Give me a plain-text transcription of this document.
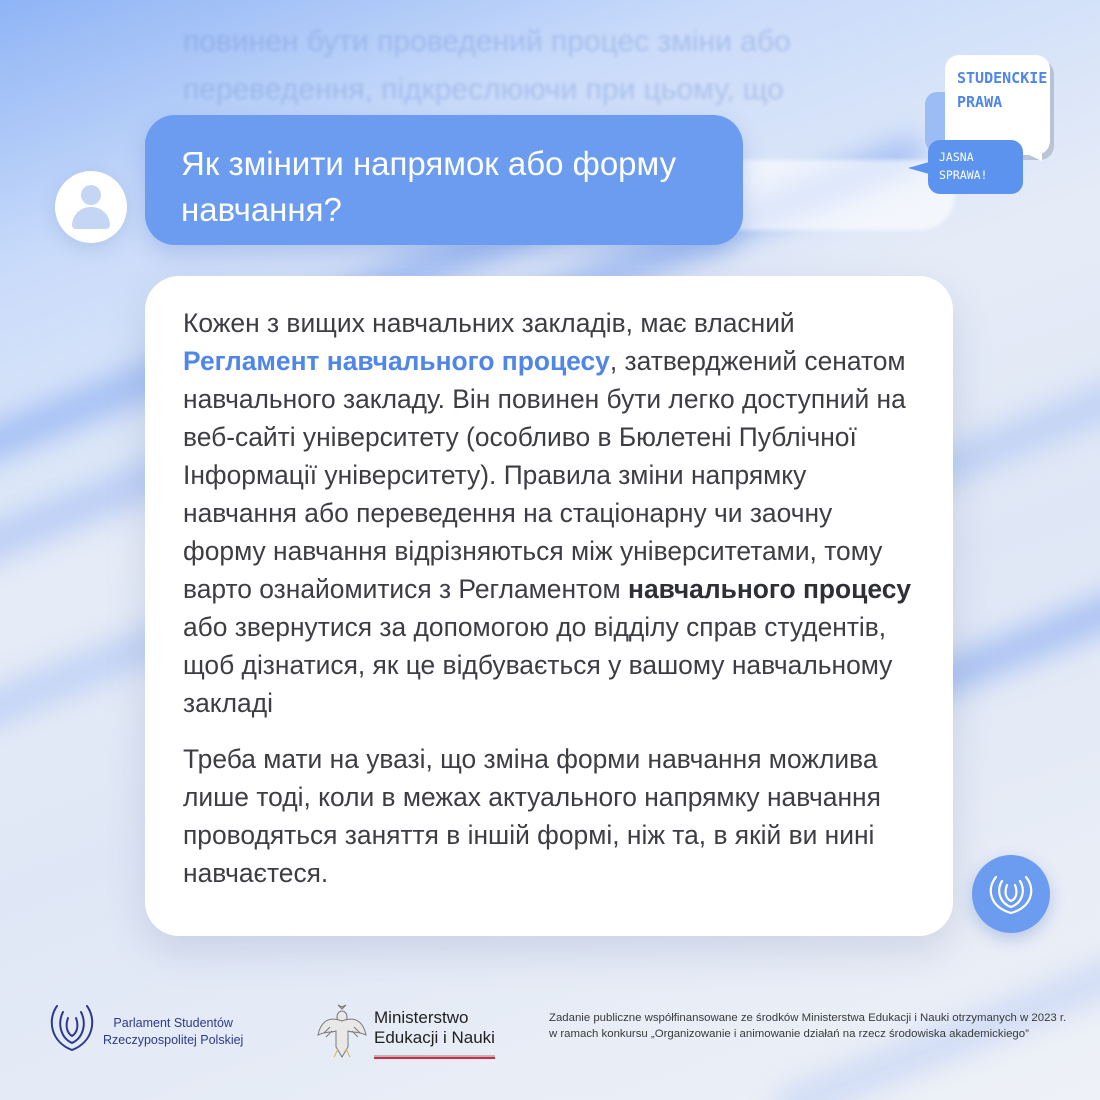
повинен бути проведений процес зміни або
переведення, підкреслюючи при цьому, що
Як змінити напрямок або форму навчання?
STUDENCKIE
PRAWA
JASNA
SPRAWA!

Кожен з вищих навчальних закладів, має власний Регламент навчального процесу, затверджений сенатом навчального закладу. Він повинен бути легко доступний на веб-сайті університету (особливо в Бюлетені Публічної Інформації університету). Правила зміни напрямку навчання або переведення на стаціонарну чи заочну форму навчання відрізняються між університетами, тому варто ознайомитися з Регламентом навчального процесу або звернутися за допомогою до відділу справ студентів, щоб дізнатися, як це відбувається у вашому навчальному закладі

Треба мати на увазі, що зміна форми навчання можлива лише тоді, коли в межах актуального напрямку навчання проводяться заняття в іншій формі, ніж та, в якій ви нині навчаєтеся.

Parlament Studentów
Rzeczypospolitej Polskiej
Ministerstwo
Edukacji i Nauki
Zadanie publiczne współfinansowane ze środków Ministerstwa Edukacji i Nauki otrzymanych w 2023 r. w ramach konkursu „Organizowanie i animowanie działań na rzecz środowiska akademickiego”
